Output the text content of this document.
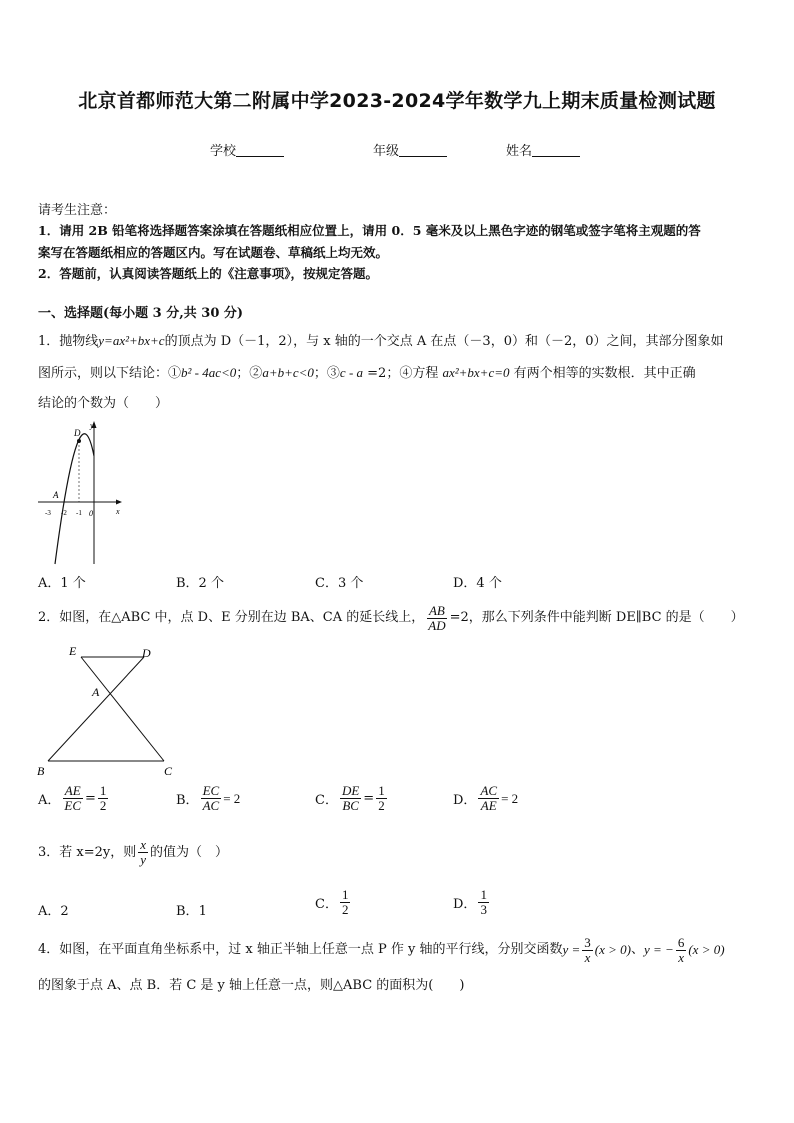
北京首都师范大第二附属中学2023-2024学年数学九上期末质量检测试题
学校	年级	姓名
请考生注意：
1．请用 2B 铅笔将选择题答案涂填在答题纸相应位置上，请用 0．5 毫米及以上黑色字迹的钢笔或签字笔将主观题的答
案写在答题纸相应的答题区内。写在试题卷、草稿纸上均无效。
2．答题前，认真阅读答题纸上的《注意事项》，按规定答题。
一、选择题(每小题 3 分,共 30 分)
1．抛物线y=ax²+bx+c的顶点为 D（－1，2），与 x 轴的一个交点 A 在点（－3，0）和（－2，0）之间，其部分图象如
图所示，则以下结论：①b² - 4ac<0；②a+b+c<0；③c - a =2；④方程 ax²+bx+c=0 有两个相等的实数根．其中正确
结论的个数为（　　）
D
A
y
x
-3 -2 -1 0
A．1 个	B．2 个	C．3 个	D．4 个
2．如图，在△ABC 中，点 D、E 分别在边 BA、CA 的延长线上， $\frac{AB}{AD} =2$，那么下列条件中能判断 DE∥BC 的是（　　）
E	D
A
B	C
A． $\frac{AE}{EC} = \frac{1}{2}$	B． $\frac{EC}{AC} = 2$	C． $\frac{DE}{BC} = \frac{1}{2}$	D． $\frac{AC}{AE} = 2$
3．若 x=2y，则 $\frac{x}{y}$ 的值为（　）
A．2	B．1	C． $\frac{1}{2}$	D． $\frac{1}{3}$
4．如图，在平面直角坐标系中，过 x 轴正半轴上任意一点 P 作 y 轴的平行线，分别交函数 $y = \frac{3}{x} (x > 0)$ 、 y = − $\frac{6}{x} (x > 0)$
的图象于点 A、点 B．若 C 是 y 轴上任意一点，则△ABC 的面积为(　　)
